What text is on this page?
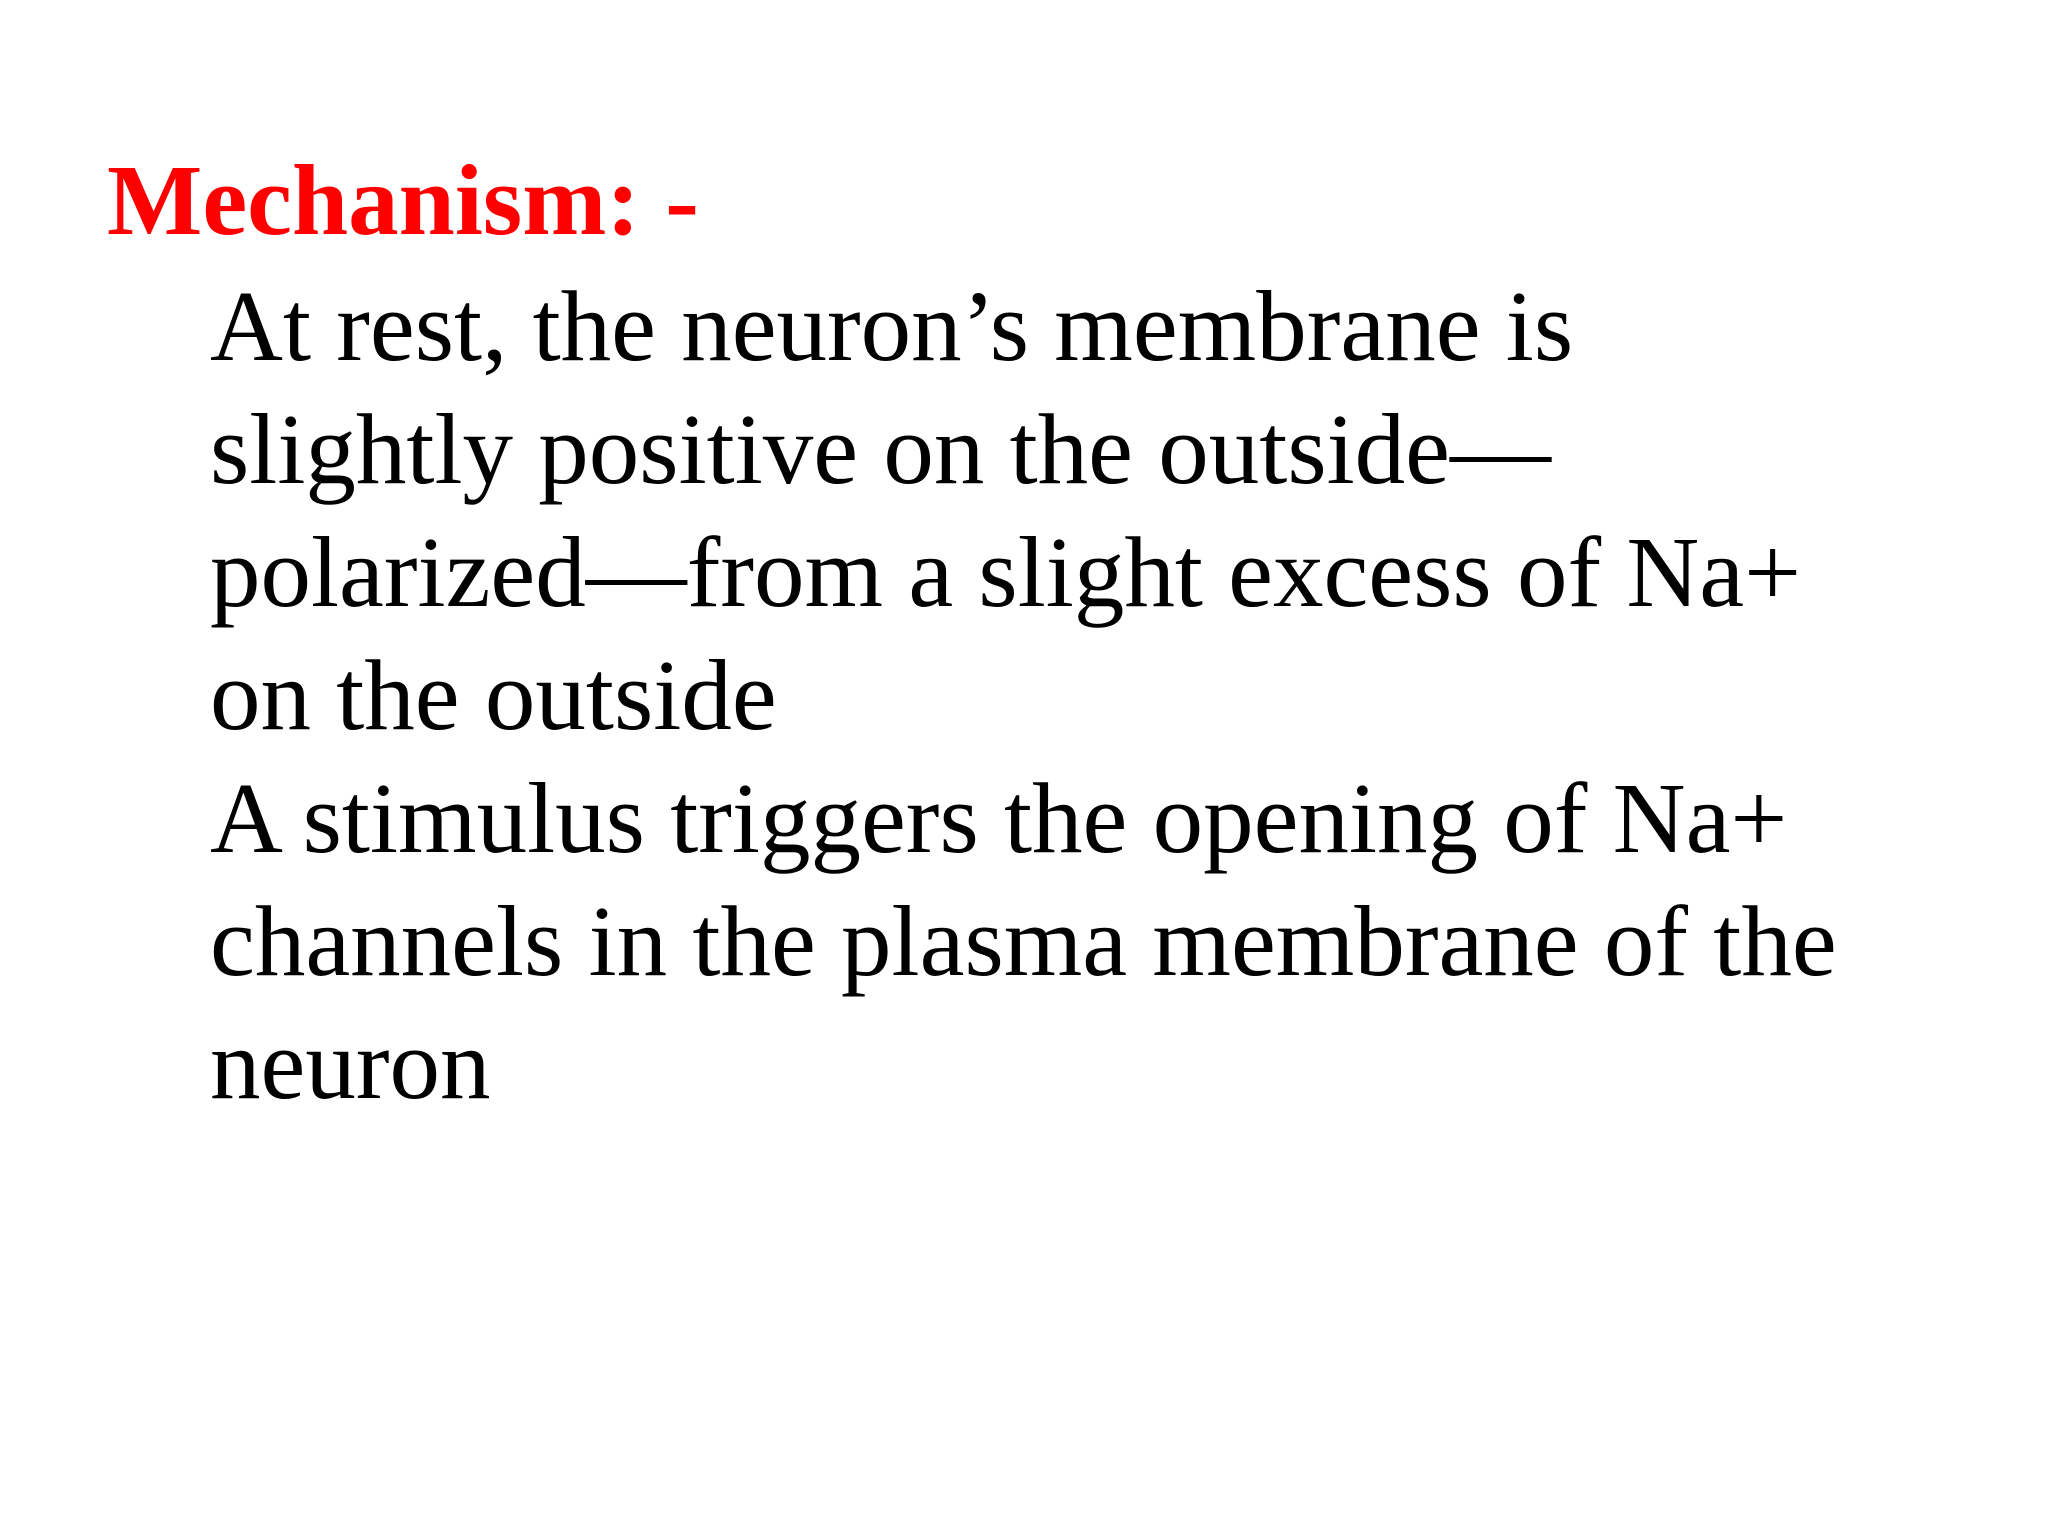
Mechanism: -
At rest, the neuron’s membrane is
slightly positive on the outside—
polarized—from a slight excess of Na+
on the outside
A stimulus triggers the opening of Na+
channels in the plasma membrane of the
neuron
